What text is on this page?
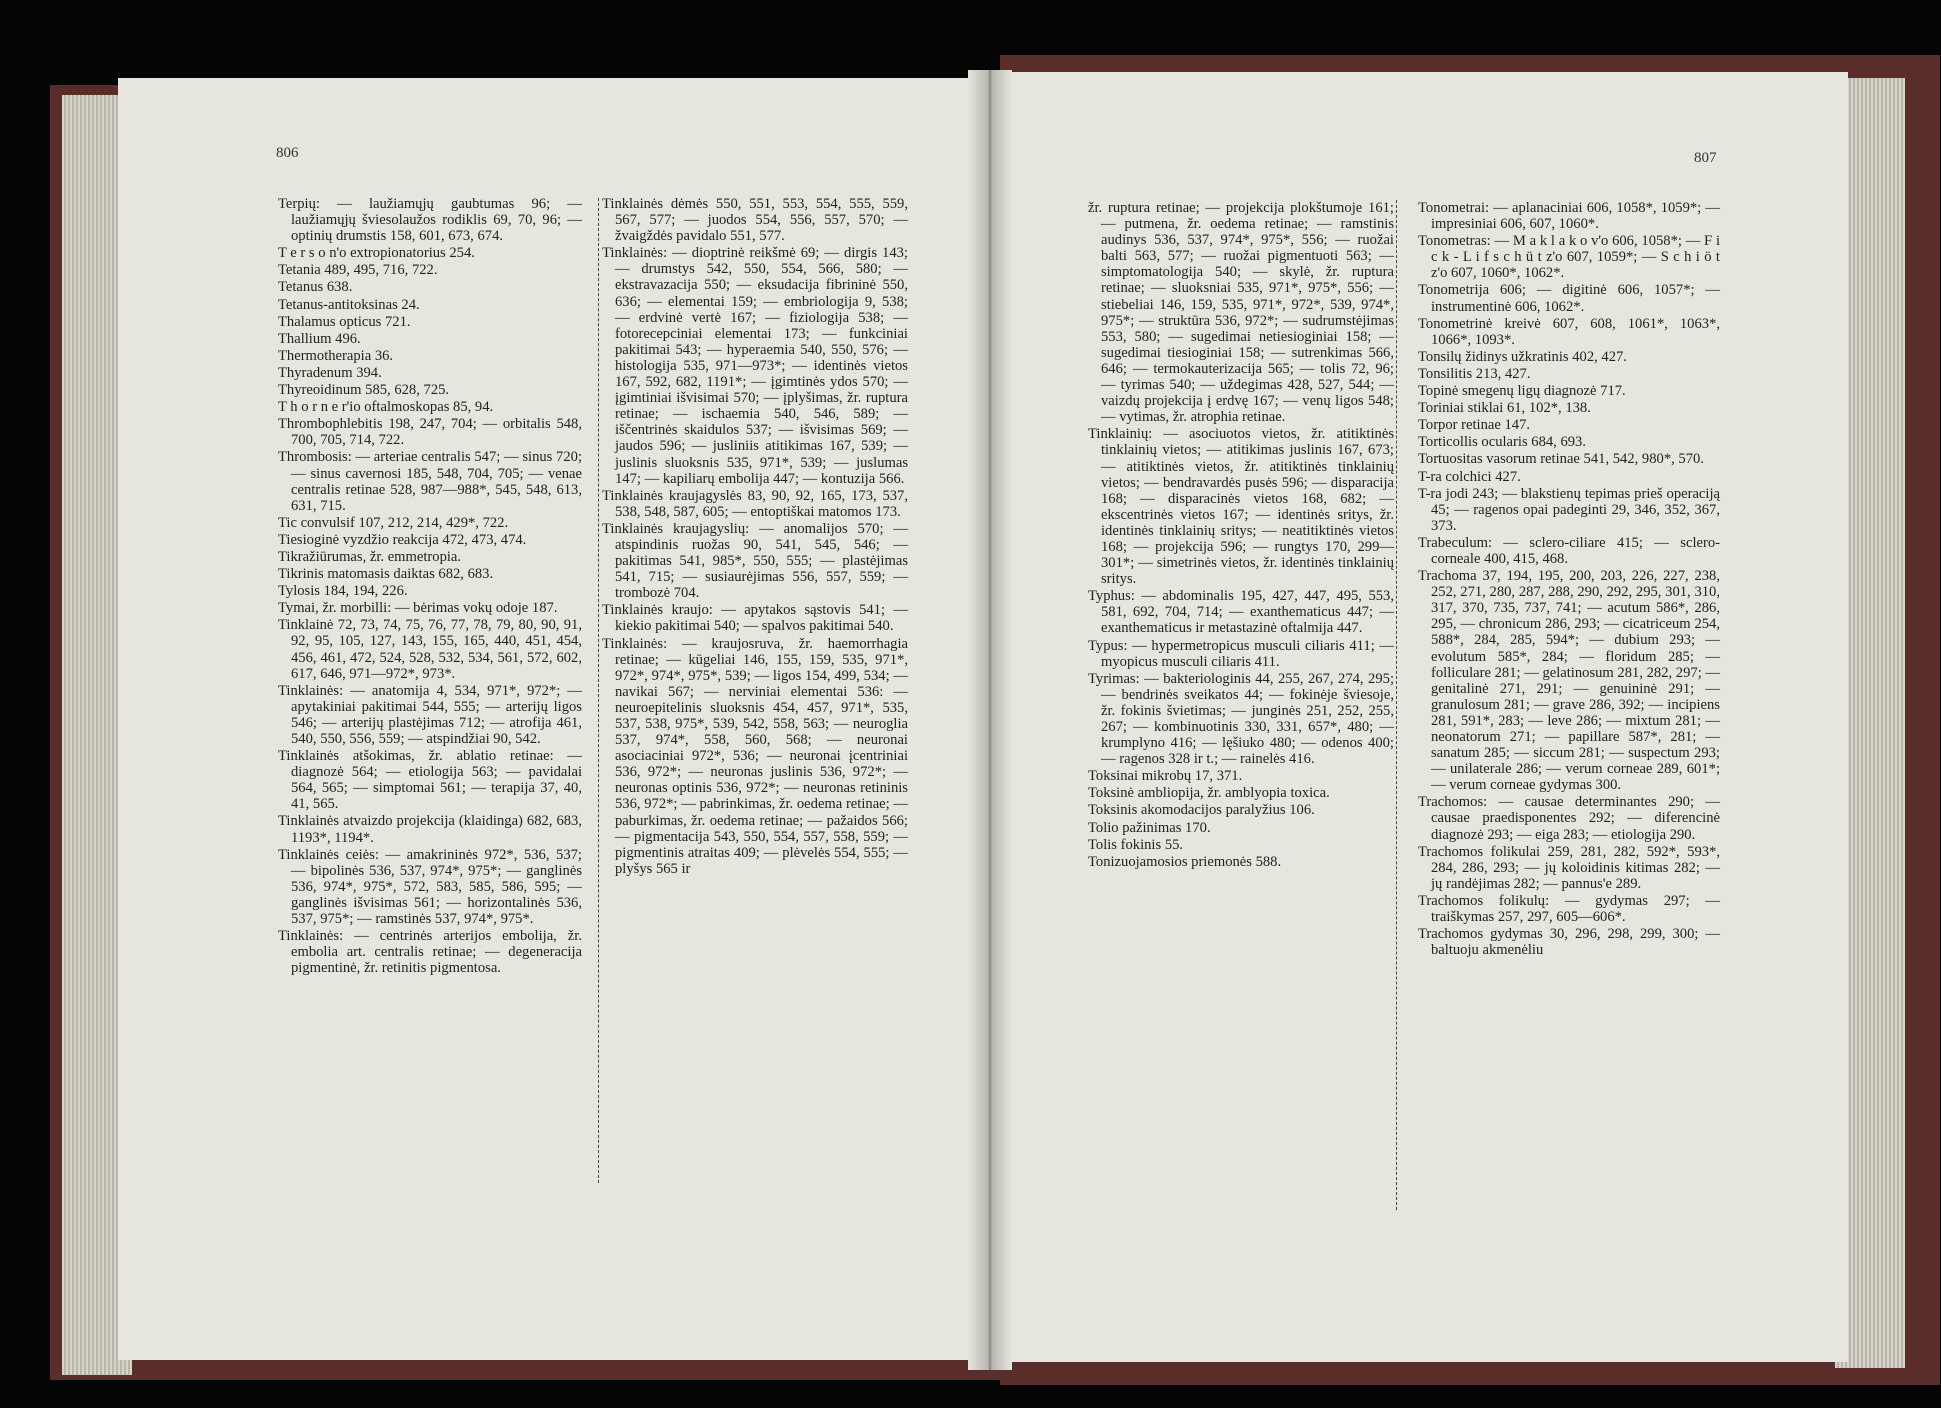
806	807
Terpių: — laužiamųjų gaubtumas 96; — laužiamųjų šviesolaužos rodiklis 69, 70, 96; — optinių drumstis 158, 601, 673, 674.
T e r s o n'o extropionatorius 254.
Tetania 489, 495, 716, 722.
Tetanus 638.
Tetanus-antitoksinas 24.
Thalamus opticus 721.
Thallium 496.
Thermotherapia 36.
Thyradenum 394.
Thyreoidinum 585, 628, 725.
T h o r n e r'io oftalmoskopas 85, 94.
Thrombophlebitis 198, 247, 704; — orbitalis 548, 700, 705, 714, 722.
Thrombosis: — arteriae centralis 547; — sinus 720; — sinus cavernosi 185, 548, 704, 705; — venae centralis retinae 528, 987—988*, 545, 548, 613, 631, 715.
Tic convulsif 107, 212, 214, 429*, 722.
Tiesioginė vyzdžio reakcija 472, 473, 474.
Tikražiūrumas, žr. emmetropia.
Tikrinis matomasis daiktas 682, 683.
Tylosis 184, 194, 226.
Tymai, žr. morbilli: — bėrimas vokų odoje 187.
Tinklainė 72, 73, 74, 75, 76, 77, 78, 79, 80, 90, 91, 92, 95, 105, 127, 143, 155, 165, 440, 451, 454, 456, 461, 472, 524, 528, 532, 534, 561, 572, 602, 617, 646, 971—972*, 973*.
Tinklainės: — anatomija 4, 534, 971*, 972*; — apytakiniai pakitimai 544, 555; — arterijų ligos 546; — arterijų plastėjimas 712; — atrofija 461, 540, 550, 556, 559; — atspindžiai 90, 542.
Tinklainės atšokimas, žr. ablatio retinae: — diagnozė 564; — etiologija 563; — pavidalai 564, 565; — simptomai 561; — terapija 37, 40, 41, 565.
Tinklainės atvaizdo projekcija (klaidinga) 682, 683, 1193*, 1194*.
Tinklainės ceiės: — amakrininės 972*, 536, 537; — bipolinės 536, 537, 974*, 975*; — ganglinės 536, 974*, 975*, 572, 583, 585, 586, 595; — ganglinės išvisimas 561; — horizontalinės 536, 537, 975*; — ramstinės 537, 974*, 975*.
Tinklainės: — centrinės arterijos embolija, žr. embolia art. centralis retinae; — degeneracija pigmentinė, žr. retinitis pigmentosa.
Tinklainės dėmės 550, 551, 553, 554, 555, 559, 567, 577; — juodos 554, 556, 557, 570; — žvaigždės pavidalo 551, 577.
Tinklainės: — dioptrinė reikšmė 69; — dirgis 143; — drumstys 542, 550, 554, 566, 580; — ekstravazacija 550; — eksudacija fibrininė 550, 636; — elementai 159; — embriologija 9, 538; — erdvinė vertė 167; — fiziologija 538; — fotorecepciniai elementai 173; — funkciniai pakitimai 543; — hyperaemia 540, 550, 576; — histologija 535, 971—973*; — identinės vietos 167, 592, 682, 1191*; — įgimtinės ydos 570; — įgimtiniai išvisimai 570; — įplyšimas, žr. ruptura retinae; — ischaemia 540, 546, 589; — iščentrinės skaidulos 537; — išvisimas 569; — jaudos 596; — jusliniis atitikimas 167, 539; — juslinis sluoksnis 535, 971*, 539; — juslumas 147; — kapiliarų embolija 447; — kontuzija 566.
Tinklainės kraujagyslės 83, 90, 92, 165, 173, 537, 538, 548, 587, 605; — entoptiškai matomos 173.
Tinklainės kraujagyslių: — anomalijos 570; — atspindinis ruožas 90, 541, 545, 546; — pakitimas 541, 985*, 550, 555; — plastėjimas 541, 715; — susiaurėjimas 556, 557, 559; — trombozė 704.
Tinklainės kraujo: — apytakos sąstovis 541; — kiekio pakitimai 540; — spalvos pakitimai 540.
Tinklainės: — kraujosruva, žr. haemorrhagia retinae; — kūgeliai 146, 155, 159, 535, 971*, 972*, 974*, 975*, 539; — ligos 154, 499, 534; — navikai 567; — nerviniai elementai 536: — neuroepitelinis sluoksnis 454, 457, 971*, 535, 537, 538, 975*, 539, 542, 558, 563; — neuroglia 537, 974*, 558, 560, 568; — neuronai asociaciniai 972*, 536; — neuronai įcentriniai 536, 972*; — neuronas juslinis 536, 972*; — neuronas optinis 536, 972*; — neuronas retininis 536, 972*; — pabrinkimas, žr. oedema retinae; — paburkimas, žr. oedema retinae; — pažaidos 566; — pigmentacija 543, 550, 554, 557, 558, 559; — pigmentinis atraitas 409; — plėvelės 554, 555; — plyšys 565 ir
žr. ruptura retinae; — projekcija plokštumoje 161; — putmena, žr. oedema retinae; — ramstinis audinys 536, 537, 974*, 975*, 556; — ruožai balti 563, 577; — ruožai pigmentuoti 563; — simptomatologija 540; — skylė, žr. ruptura retinae; — sluoksniai 535, 971*, 975*, 556; — stiebeliai 146, 159, 535, 971*, 972*, 539, 974*, 975*; — struktūra 536, 972*; — sudrumstėjimas 553, 580; — sugedimai netiesioginiai 158; — sugedimai tiesioginiai 158; — sutrenkimas 566, 646; — termokauterizacija 565; — tolis 72, 96; — tyrimas 540; — uždegimas 428, 527, 544; — vaizdų projekcija į erdvę 167; — venų ligos 548; — vytimas, žr. atrophia retinae.
Tinklainių: — asociuotos vietos, žr. atitiktinės tinklainių vietos; — atitikimas juslinis 167, 673; — atitiktinės vietos, žr. atitiktinės tinklainių vietos; — bendravardės pusės 596; — disparacija 168; — disparacinės vietos 168, 682; — ekscentrinės vietos 167; — identinės sritys, žr. identinės tinklainių sritys; — neatitiktinės vietos 168; — projekcija 596; — rungtys 170, 299—301*; — simetrinės vietos, žr. identinės tinklainių sritys.
Typhus: — abdominalis 195, 427, 447, 495, 553, 581, 692, 704, 714; — exanthematicus 447; — exanthematicus ir metastazinė oftalmija 447.
Typus: — hypermetropicus musculi ciliaris 411; — myopicus musculi ciliaris 411.
Tyrimas: — bakteriologinis 44, 255, 267, 274, 295; — bendrinės sveikatos 44; — fokinėje šviesoje, žr. fokinis švietimas; — junginės 251, 252, 255, 267; — kombinuotinis 330, 331, 657*, 480; — krumplyno 416; — lęšiuko 480; — odenos 400; — ragenos 328 ir t.; — rainelės 416.
Toksinai mikrobų 17, 371.
Toksinė ambliopija, žr. amblyopia toxica.
Toksinis akomodacijos paralyžius 106.
Tolio pažinimas 170.
Tolis fokinis 55.
Tonizuojamosios priemonės 588.
Tonometrai: — aplanaciniai 606, 1058*, 1059*; — impresiniai 606, 607, 1060*.
Tonometras: — M a k l a k o v'o 606, 1058*; — F i c k - L i f s c h ü t z'o 607, 1059*; — S c h i ö t z'o 607, 1060*, 1062*.
Tonometrija 606; — digitinė 606, 1057*; — instrumentinė 606, 1062*.
Tonometrinė kreivė 607, 608, 1061*, 1063*, 1066*, 1093*.
Tonsilų židinys užkratinis 402, 427.
Tonsilitis 213, 427.
Topinė smegenų ligų diagnozė 717.
Toriniai stiklai 61, 102*, 138.
Torpor retinae 147.
Torticollis ocularis 684, 693.
Tortuositas vasorum retinae 541, 542, 980*, 570.
T-ra colchici 427.
T-ra jodi 243; — blakstienų tepimas prieš operaciją 45; — ragenos opai padeginti 29, 346, 352, 367, 373.
Trabeculum: — sclero-ciliare 415; — sclero-corneale 400, 415, 468.
Trachoma 37, 194, 195, 200, 203, 226, 227, 238, 252, 271, 280, 287, 288, 290, 292, 295, 301, 310, 317, 370, 735, 737, 741; — acutum 586*, 286, 295, — chronicum 286, 293; — cicatriceum 254, 588*, 284, 285, 594*; — dubium 293; — evolutum 585*, 284; — floridum 285; — folliculare 281; — gelatinosum 281, 282, 297; — genitalinė 271, 291; — genuininė 291; — granulosum 281; — grave 286, 392; — incipiens 281, 591*, 283; — leve 286; — mixtum 281; — neonatorum 271; — papillare 587*, 281; — sanatum 285; — siccum 281; — suspectum 293; — unilaterale 286; — verum corneae 289, 601*; — verum corneae gydymas 300.
Trachomos: — causae determinantes 290; — causae praedisponentes 292; — diferencinė diagnozė 293; — eiga 283; — etiologija 290.
Trachomos folikulai 259, 281, 282, 592*, 593*, 284, 286, 293; — jų koloidinis kitimas 282; — jų randėjimas 282; — pannus'e 289.
Trachomos folikulų: — gydymas 297; — traiškymas 257, 297, 605—606*.
Trachomos gydymas 30, 296, 298, 299, 300; — baltuoju akmenėliu
